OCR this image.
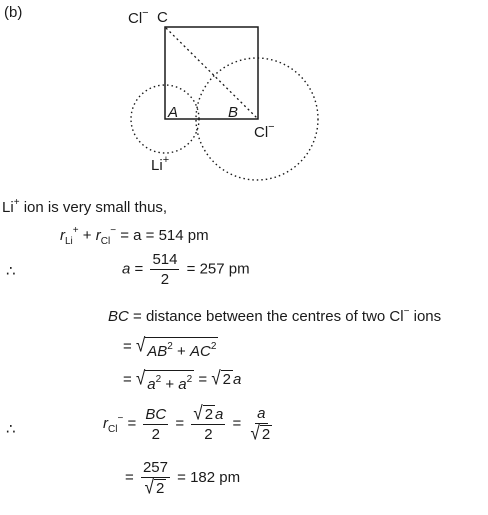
(b)	Cl− C
A	B
Cl−
Li+
Li+ ion is very small thus,
$r_{Li}^+ + r_{Cl}^- = a = 514$ pm
∴	$a = \frac{514}{2} = 257$ pm
BC = distance between the centres of two Cl− ions
= √ $AB^2 + AC^2$
= √ $a^2 + a^2$ = √ 2 a
∴	$r_{Cl}^- = \frac{BC}{2} = \frac{√ 2 a}{2} = \frac{a}{√ 2}$
= $\frac{257}{√ 2} = 182$ pm
